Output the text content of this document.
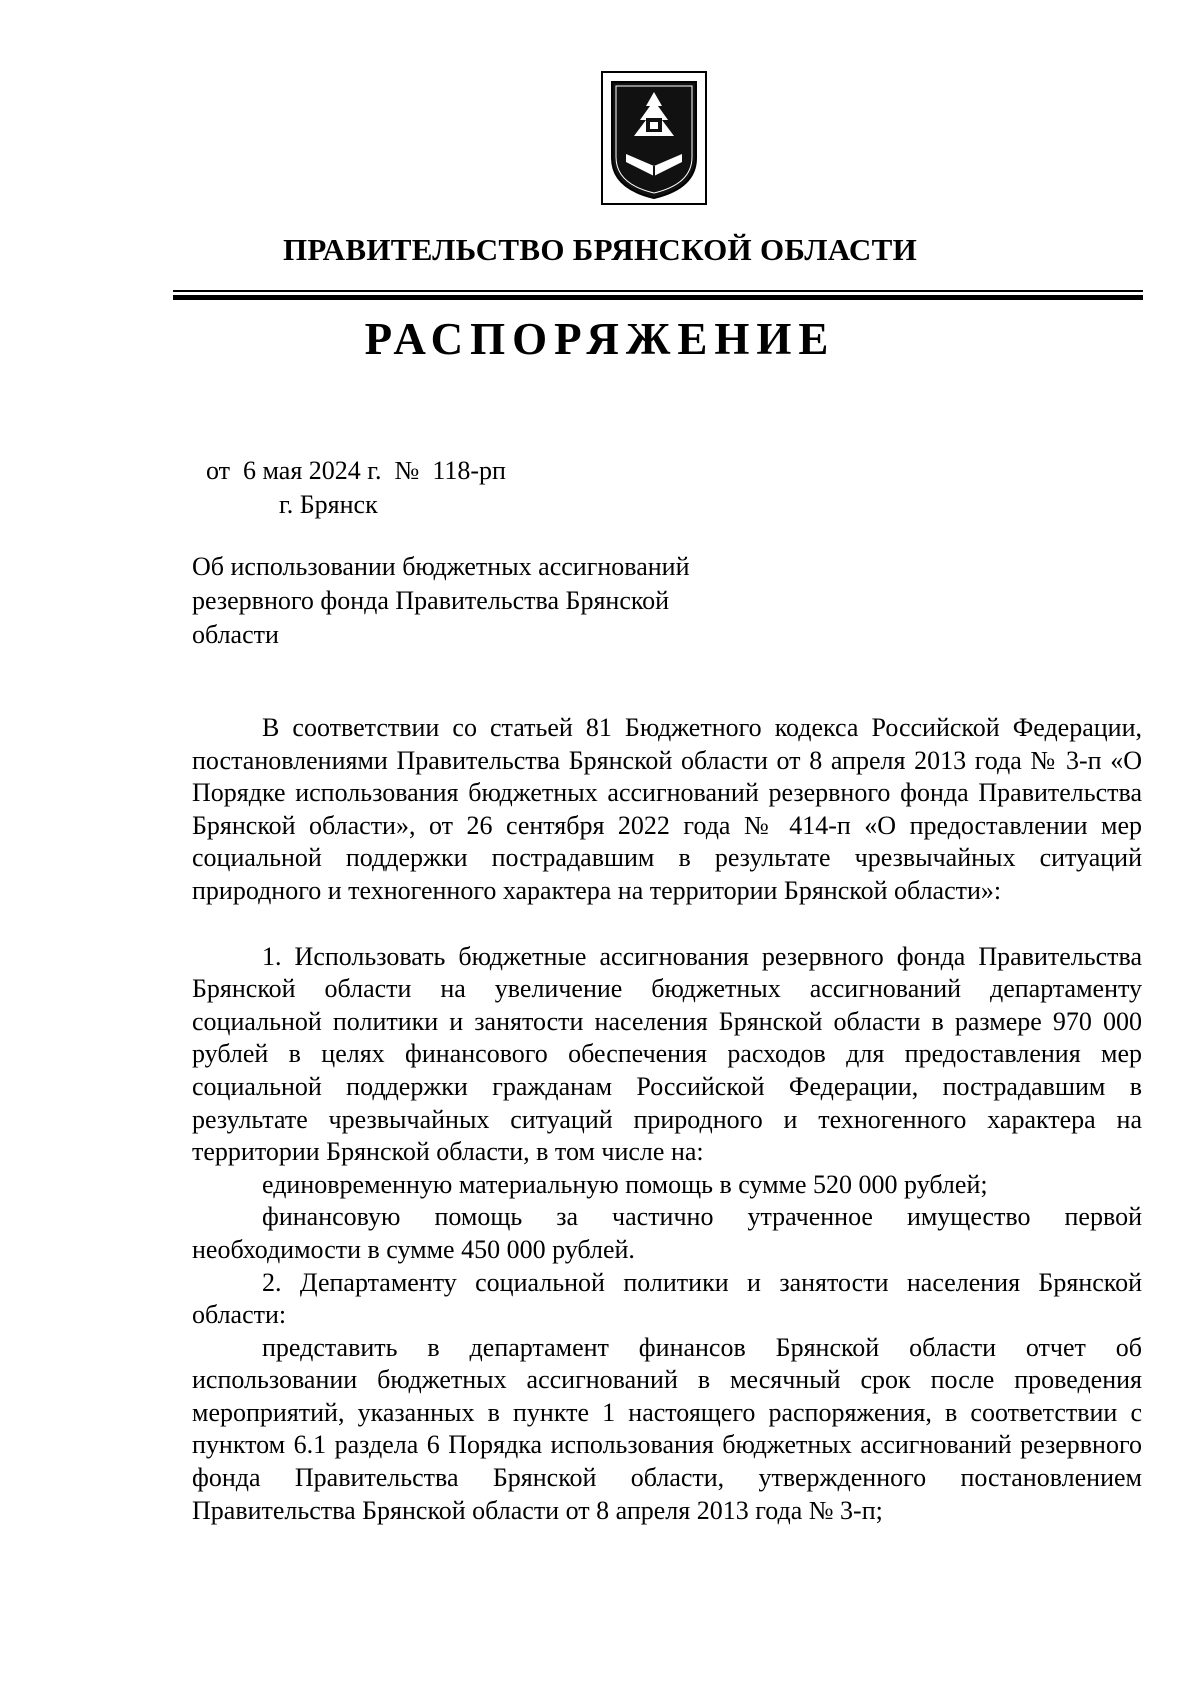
ПРАВИТЕЛЬСТВО БРЯНСКОЙ ОБЛАСТИ
РАСПОРЯЖЕНИЕ
от  6 мая 2024 г.  №  118-рп
г. Брянск
Об использовании бюджетных ассигнований
резервного фонда Правительства Брянской
области

В соответствии со статьей 81 Бюджетного кодекса Российской Федерации, постановлениями Правительства Брянской области от 8 апреля 2013 года № 3-п «О Порядке использования бюджетных ассигнований резервного фонда Правительства Брянской области», от 26 сентября 2022 года № 414-п «О предоставлении мер социальной поддержки пострадавшим в результате чрезвычайных ситуаций природного и техногенного характера на территории Брянской области»:

1. Использовать бюджетные ассигнования резервного фонда Правительства Брянской области на увеличение бюджетных ассигнований департаменту социальной политики и занятости населения Брянской области в размере 970 000 рублей в целях финансового обеспечения расходов для предоставления мер социальной поддержки гражданам Российской Федерации, пострадавшим в результате чрезвычайных ситуаций природного и техногенного характера на территории Брянской области, в том числе на:

единовременную материальную помощь в сумме 520 000 рублей;

финансовую помощь за частично утраченное имущество первой необходимости в сумме 450 000 рублей.

2. Департаменту социальной политики и занятости населения Брянской области:

представить в департамент финансов Брянской области отчет об использовании бюджетных ассигнований в месячный срок после проведения мероприятий, указанных в пункте 1 настоящего распоряжения, в соответствии с пунктом 6.1 раздела 6 Порядка использования бюджетных ассигнований резервного фонда Правительства Брянской области, утвержденного постановлением Правительства Брянской области от 8 апреля 2013 года № 3-п;
